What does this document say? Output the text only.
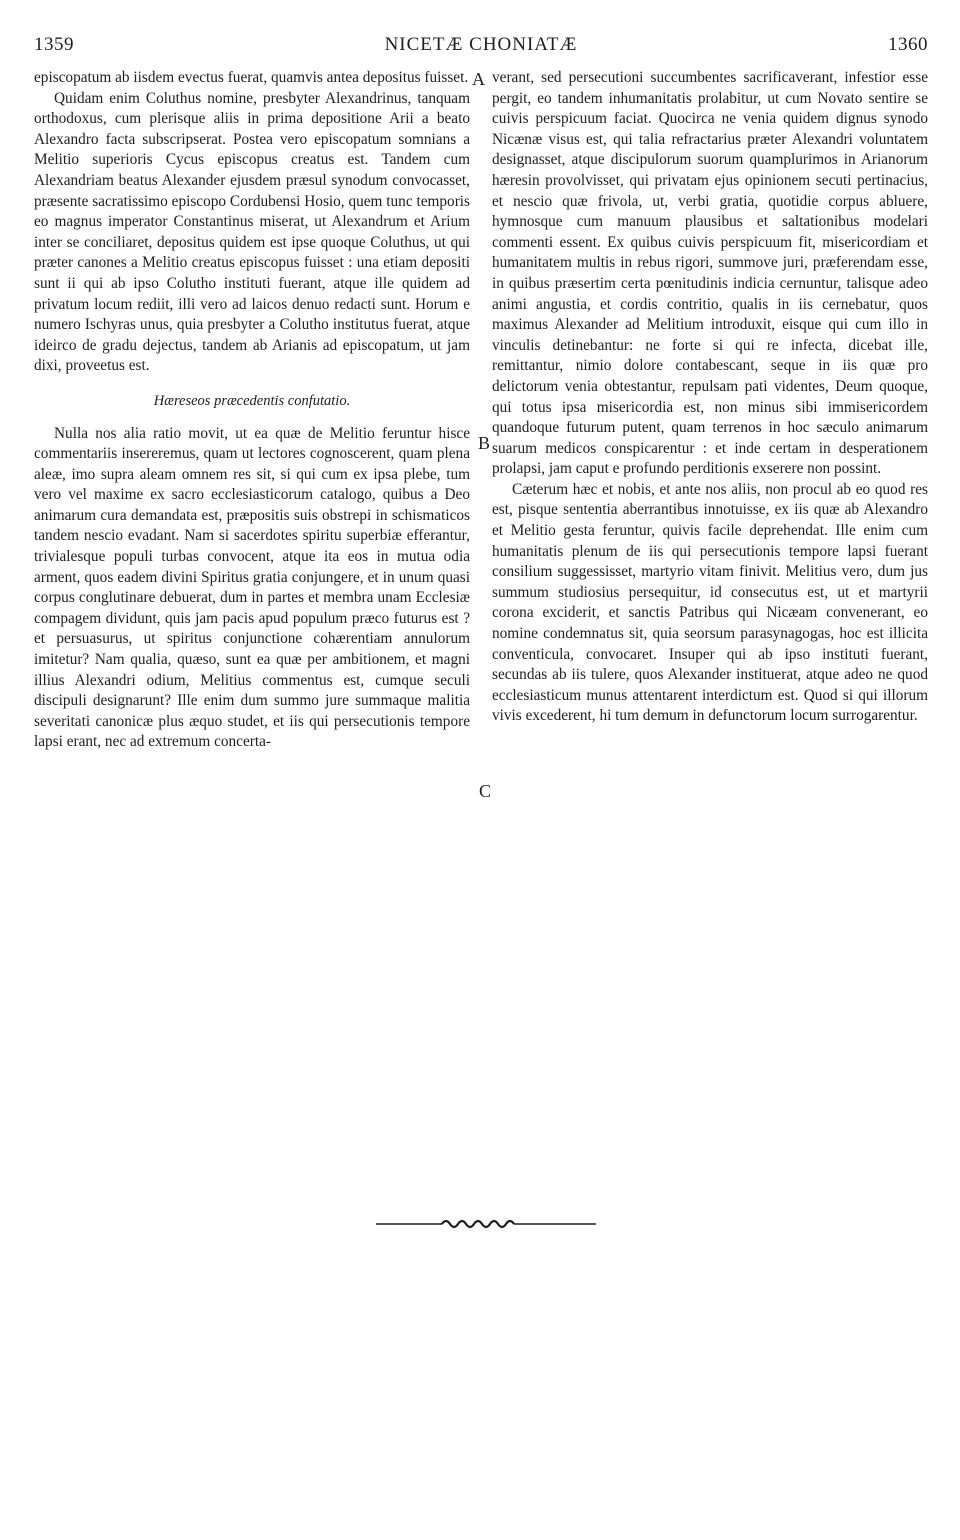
1359	NICETÆ CHONIATÆ	1360

episcopatum ab iisdem evectus fuerat, quamvis antea depositus fuisset.

Quidam enim Coluthus nomine, presbyter Alexandrinus, tanquam orthodoxus, cum plerisque aliis in prima depositione Arii a beato Alexandro facta subscripserat. Postea vero episcopatum somnians a Melitio superioris Cycus episcopus creatus est. Tandem cum Alexandriam beatus Alexander ejusdem præsul synodum convocasset, præsente sacratissimo episcopo Cordubensi Hosio, quem tunc temporis eo magnus imperator Constantinus miserat, ut Alexandrum et Arium inter se conciliaret, depositus quidem est ipse quoque Coluthus, ut qui præter canones a Melitio creatus episcopus fuisset : una etiam depositi sunt ii qui ab ipso Colutho instituti fuerant, atque ille quidem ad privatum locum rediit, illi vero ad laicos denuo redacti sunt. Horum e numero Ischyras unus, quia presbyter a Colutho institutus fuerat, atque ideirco de gradu dejectus, tandem ab Arianis ad episcopatum, ut jam dixi, proveetus est.

Hæreseos præcedentis confutatio.

Nulla nos alia ratio movit, ut ea quæ de Melitio feruntur hisce commentariis insereremus, quam ut lectores cognoscerent, quam plena aleæ, imo supra aleam omnem res sit, si qui cum ex ipsa plebe, tum vero vel maxime ex sacro ecclesiasticorum catalogo, quibus a Deo animarum cura demandata est, præpositis suis obstrepi in schismaticos tandem nescio evadant. Nam si sacerdotes spiritu superbiæ efferantur, trivialesque populi turbas convocent, atque ita eos in mutua odia arment, quos eadem divini Spiritus gratia conjungere, et in unum quasi corpus conglutinare debuerat, dum in partes et membra unam Ecclesiæ compagem dividunt, quis jam pacis apud populum præco futurus est ? et persuasurus, ut spiritus conjunctione cohærentiam annulorum imitetur? Nam qualia, quæso, sunt ea quæ per ambitionem, et magni illius Alexandri odium, Melitius commentus est, cumque seculi discipuli designarunt? Ille enim dum summo jure summaque malitia severitati canonicæ plus æquo studet, et iis qui persecutionis tempore lapsi erant, nec ad extremum concerta-

verant, sed persecutioni succumbentes sacrificaverant, infestior esse pergit, eo tandem inhumanitatis prolabitur, ut cum Novato sentire se cuivis perspicuum faciat. Quocirca ne venia quidem dignus synodo Nicænæ visus est, qui talia refractarius præter Alexandri voluntatem designasset, atque discipulorum suorum quamplurimos in Arianorum hæresin provolvisset, qui privatam ejus opinionem secuti pertinacius, et nescio quæ frivola, ut, verbi gratia, quotidie corpus abluere, hymnosque cum manuum plausibus et saltationibus modelari commenti essent. Ex quibus cuivis perspicuum fit, misericordiam et humanitatem multis in rebus rigori, summove juri, præferendam esse, in quibus præsertim certa pœnitudinis indicia cernuntur, talisque adeo animi angustia, et cordis contritio, qualis in iis cernebatur, quos maximus Alexander ad Melitium introduxit, eisque qui cum illo in vinculis detinebantur: ne forte si qui re infecta, dicebat ille, remittantur, nimio dolore contabescant, seque in iis quæ pro delictorum venia obtestantur, repulsam pati videntes, Deum quoque, qui totus ipsa misericordia est, non minus sibi immisericordem quandoque futurum putent, quam terrenos in hoc sæculo animarum suarum medicos conspicarentur : et inde certam in desperationem prolapsi, jam caput e profundo perditionis exserere non possint.

Cæterum hæc et nobis, et ante nos aliis, non procul ab eo quod res est, pisque sententia aberrantibus innotuisse, ex iis quæ ab Alexandro et Melitio gesta feruntur, quivis facile deprehendat. Ille enim cum humanitatis plenum de iis qui persecutionis tempore lapsi fuerant consilium suggessisset, martyrio vitam finivit. Melitius vero, dum jus summum studiosius persequitur, id consecutus est, ut et martyrii corona exciderit, et sanctis Patribus qui Nicæam convenerant, eo nomine condemnatus sit, quia seorsum parasynagogas, hoc est illicita conventicula, convocaret. Insuper qui ab ipso instituti fuerant, secundas ab iis tulere, quos Alexander instituerat, atque adeo ne quod ecclesiasticum munus attentarent interdictum est. Quod si qui illorum vivis excederent, hi tum demum in defunctorum locum surrogarentur.

A
B
C
